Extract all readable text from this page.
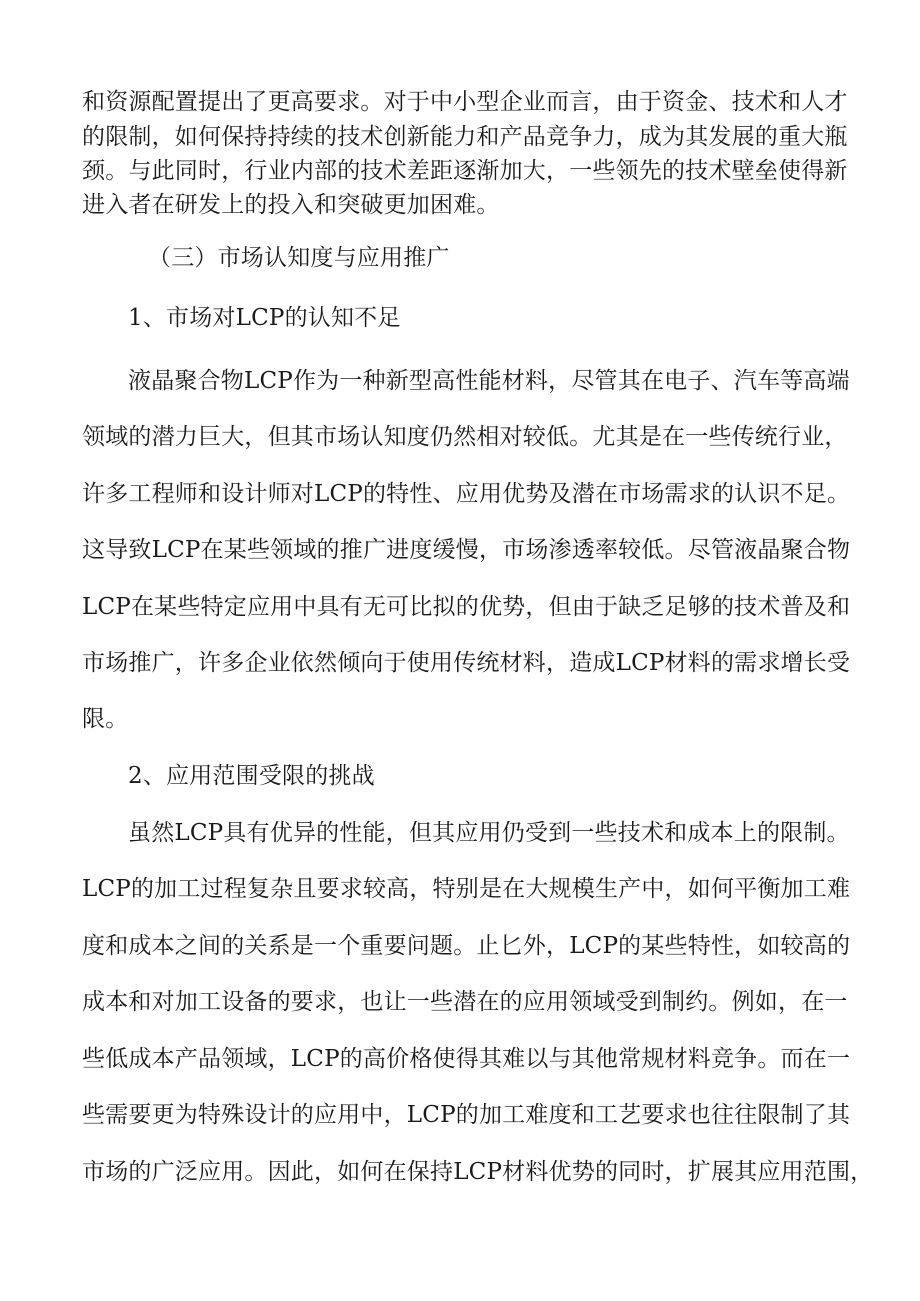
和资源配置提出了更高要求。对于中小型企业而言，由于资金、技术和人才
的限制，如何保持持续的技术创新能力和产品竞争力，成为其发展的重大瓶
颈。与此同时，行业内部的技术差距逐渐加大，一些领先的技术壁垒使得新
进入者在研发上的投入和突破更加困难。
（三）市场认知度与应用推广
1、市场对LCP的认知不足
液晶聚合物LCP作为一种新型高性能材料，尽管其在电子、汽车等高端
领域的潜力巨大，但其市场认知度仍然相对较低。尤其是在一些传统行业，
许多工程师和设计师对LCP的特性、应用优势及潜在市场需求的认识不足。
这导致LCP在某些领域的推广进度缓慢，市场渗透率较低。尽管液晶聚合物
LCP在某些特定应用中具有无可比拟的优势，但由于缺乏足够的技术普及和
市场推广，许多企业依然倾向于使用传统材料，造成LCP材料的需求增长受
限。
2、应用范围受限的挑战
虽然LCP具有优异的性能，但其应用仍受到一些技术和成本上的限制。
LCP的加工过程复杂且要求较高，特别是在大规模生产中，如何平衡加工难
度和成本之间的关系是一个重要问题。止匕外，LCP的某些特性，如较高的
成本和对加工设备的要求，也让一些潜在的应用领域受到制约。例如，在一
些低成本产品领域，LCP的高价格使得其难以与其他常规材料竞争。而在一
些需要更为特殊设计的应用中，LCP的加工难度和工艺要求也往往限制了其
市场的广泛应用。因此，如何在保持LCP材料优势的同时，扩展其应用范围，
